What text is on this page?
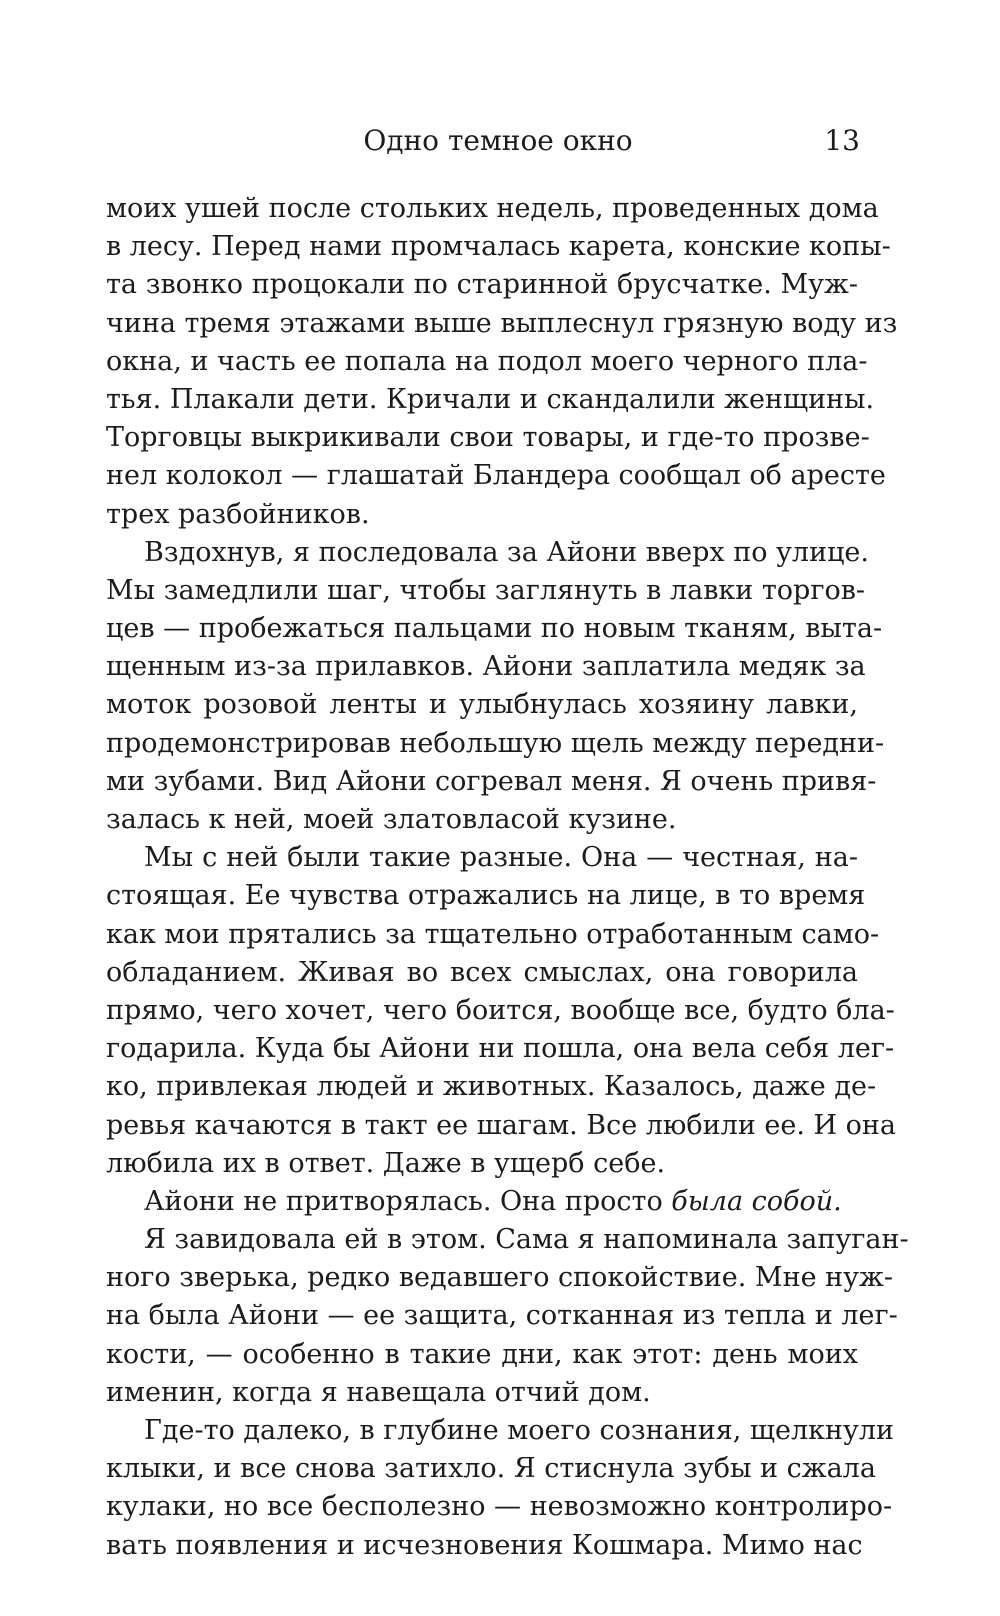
Одно темное окно	13
моих ушей после стольких недель, проведенных дома
в лесу. Перед нами промчалась карета, конские копы-
та звонко процокали по старинной брусчатке. Муж-
чина тремя этажами выше выплеснул грязную воду из
окна, и часть ее попала на подол моего черного пла-
тья. Плакали дети. Кричали и скандалили женщины.
Торговцы выкрикивали свои товары, и где-то прозве-
нел колокол — глашатай Бландера сообщал об аресте
трех разбойников.
Вздохнув, я последовала за Айони вверх по улице.
Мы замедлили шаг, чтобы заглянуть в лавки торгов-
цев — пробежаться пальцами по новым тканям, выта-
щенным из-за прилавков. Айони заплатила медяк за
моток розовой ленты и улыбнулась хозяину лавки,
продемонстрировав небольшую щель между передни-
ми зубами. Вид Айони согревал меня. Я очень привя-
залась к ней, моей златовласой кузине.
Мы с ней были такие разные. Она — честная, на-
стоящая. Ее чувства отражались на лице, в то время
как мои прятались за тщательно отработанным само-
обладанием. Живая во всех смыслах, она говорила
прямо, чего хочет, чего боится, вообще все, будто бла-
годарила. Куда бы Айони ни пошла, она вела себя лег-
ко, привлекая людей и животных. Казалось, даже де-
ревья качаются в такт ее шагам. Все любили ее. И она
любила их в ответ. Даже в ущерб себе.
Айони не притворялась. Она просто была собой.
Я завидовала ей в этом. Сама я напоминала запуган-
ного зверька, редко ведавшего спокойствие. Мне нуж-
на была Айони — ее защита, сотканная из тепла и лег-
кости, — особенно в такие дни, как этот: день моих
именин, когда я навещала отчий дом.
Где-то далеко, в глубине моего сознания, щелкнули
клыки, и все снова затихло. Я стиснула зубы и сжала
кулаки, но все бесполезно — невозможно контролиро-
вать появления и исчезновения Кошмара. Мимо нас
